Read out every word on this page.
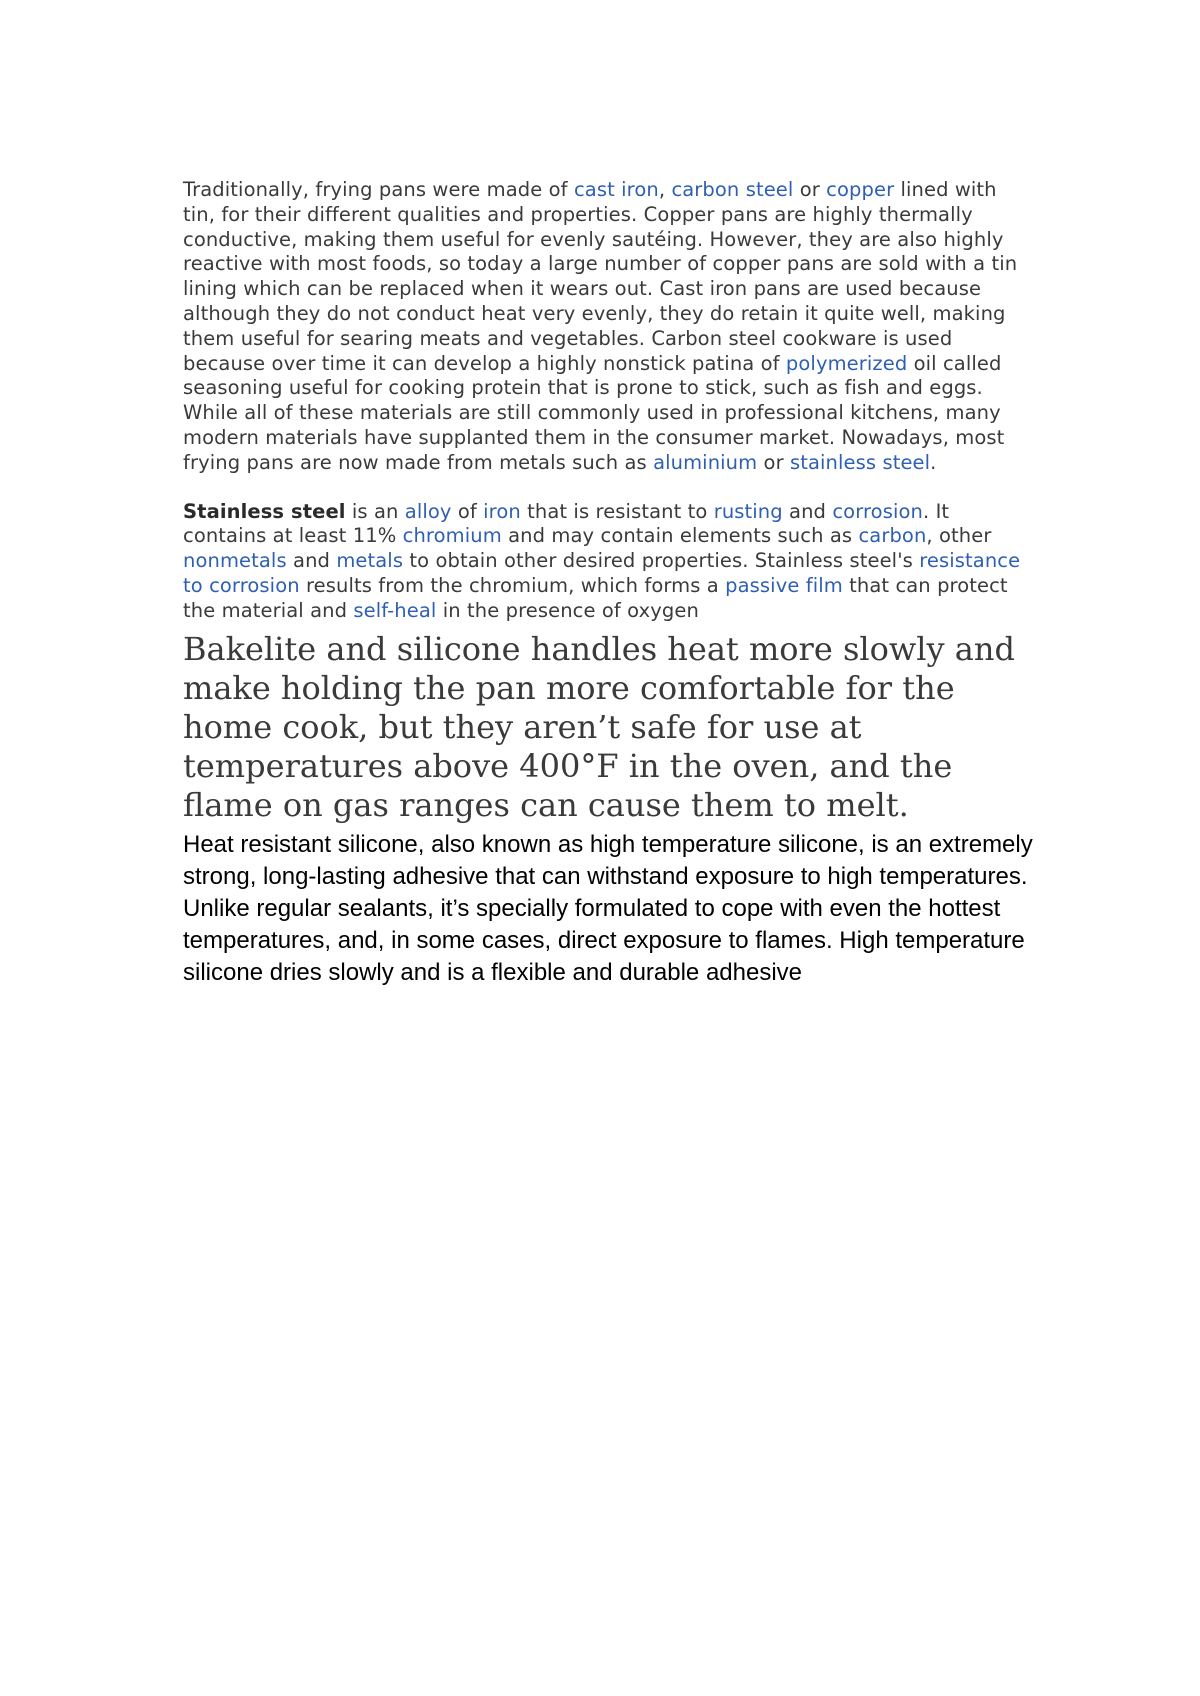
Traditionally, frying pans were made of cast iron, carbon steel or copper lined with tin, for their different qualities and properties. Copper pans are highly thermally conductive, making them useful for evenly sautéing. However, they are also highly reactive with most foods, so today a large number of copper pans are sold with a tin lining which can be replaced when it wears out. Cast iron pans are used because although they do not conduct heat very evenly, they do retain it quite well, making them useful for searing meats and vegetables. Carbon steel cookware is used because over time it can develop a highly nonstick patina of polymerized oil called seasoning useful for cooking protein that is prone to stick, such as fish and eggs. While all of these materials are still commonly used in professional kitchens, many modern materials have supplanted them in the consumer market. Nowadays, most frying pans are now made from metals such as aluminium or stainless steel.

Stainless steel is an alloy of iron that is resistant to rusting and corrosion. It contains at least 11% chromium and may contain elements such as carbon, other nonmetals and metals to obtain other desired properties. Stainless steel's resistance to corrosion results from the chromium, which forms a passive film that can protect the material and self-heal in the presence of oxygen

Bakelite and silicone handles heat more slowly and make holding the pan more comfortable for the home cook, but they aren’t safe for use at temperatures above 400°F in the oven, and the flame on gas ranges can cause them to melt.

Heat resistant silicone, also known as high temperature silicone, is an extremely strong, long-lasting adhesive that can withstand exposure to high temperatures. Unlike regular sealants, it’s specially formulated to cope with even the hottest temperatures, and, in some cases, direct exposure to flames. High temperature silicone dries slowly and is a flexible and durable adhesive
